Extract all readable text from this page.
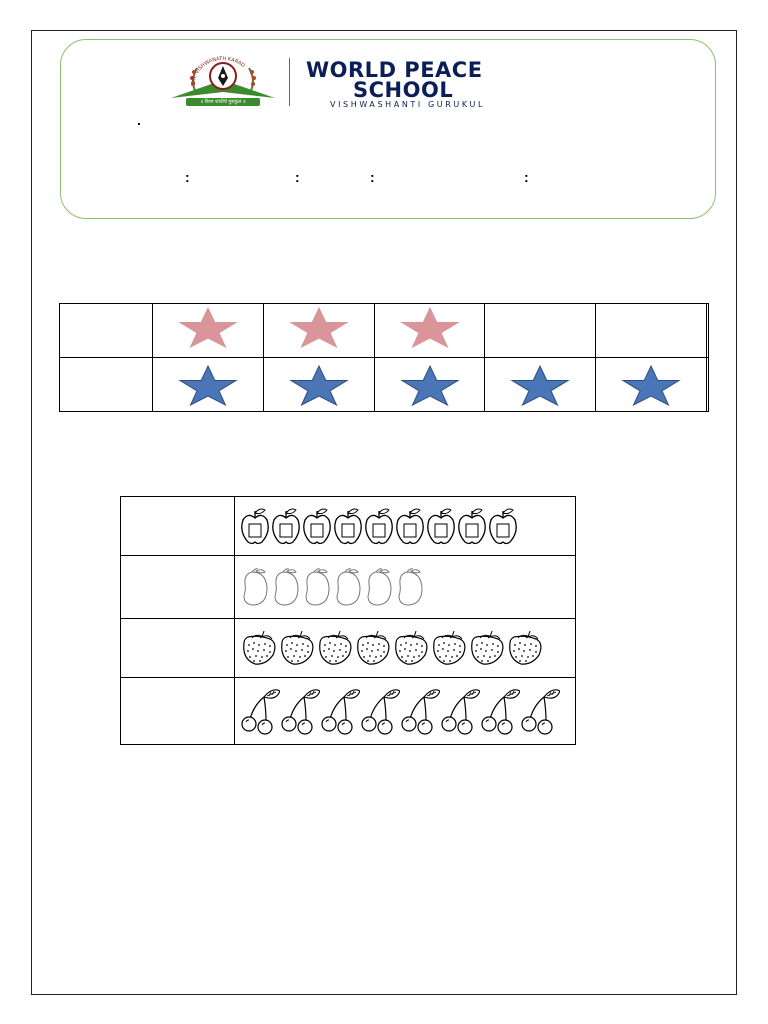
DR. VISHWANATH KARAD
॥ विश्व शांतीचे गुरुकुल ॥
WORLD PEACE
SCHOOL
VISHWASHANTI GURUKUL
.
:	:	:	:
